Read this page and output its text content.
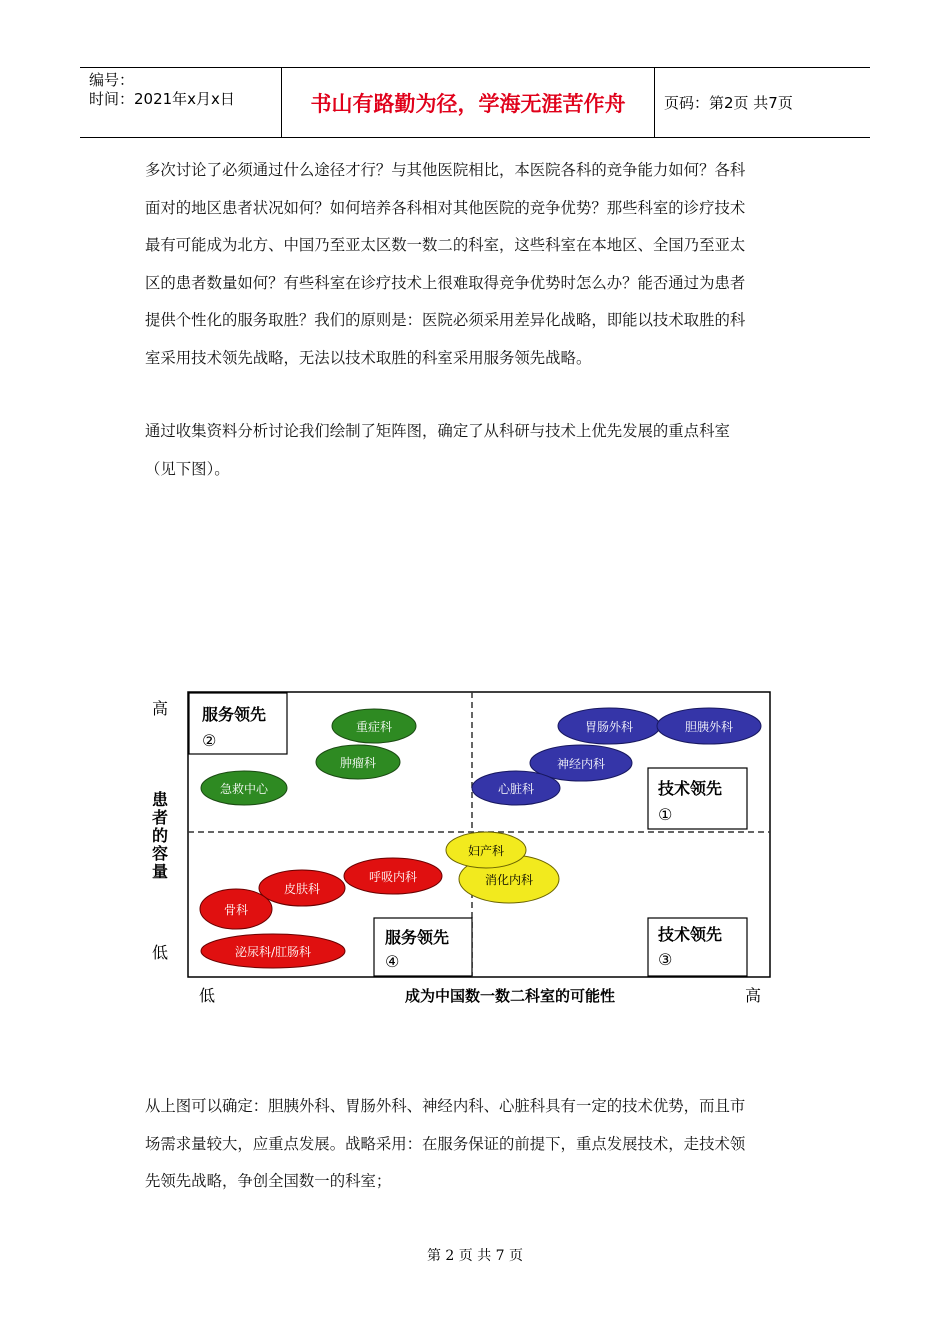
编号：
时间：2021年x月x日	书山有路勤为径，学海无涯苦作舟	页码：第2页 共7页
多次讨论了必须通过什么途径才行？与其他医院相比，本医院各科的竞争能力如何？各科
面对的地区患者状况如何？如何培养各科相对其他医院的竞争优势？那些科室的诊疗技术
最有可能成为北方、中国乃至亚太区数一数二的科室，这些科室在本地区、全国乃至亚太
区的患者数量如何？有些科室在诊疗技术上很难取得竞争优势时怎么办？能否通过为患者
提供个性化的服务取胜？我们的原则是：医院必须采用差异化战略，即能以技术取胜的科
室采用技术领先战略，无法以技术取胜的科室采用服务领先战略。
通过收集资料分析讨论我们绘制了矩阵图，确定了从科研与技术上优先发展的重点科室
（见下图）。
服务领先
②
技术领先
①
服务领先
④
技术领先
③
重症科
肿瘤科
急救中心
胃肠外科	胆胰外科
神经内科
心脏科
消化内科
妇产科
呼吸内科
皮肤科
骨科
泌尿科/肛肠科
高
低
患
者
的
容
量
低	高
成为中国数一数二科室的可能性
从上图可以确定：胆胰外科、胃肠外科、神经内科、心脏科具有一定的技术优势，而且市
场需求量较大，应重点发展。战略采用：在服务保证的前提下，重点发展技术，走技术领
先领先战略，争创全国数一的科室；
第 2 页 共 7 页
